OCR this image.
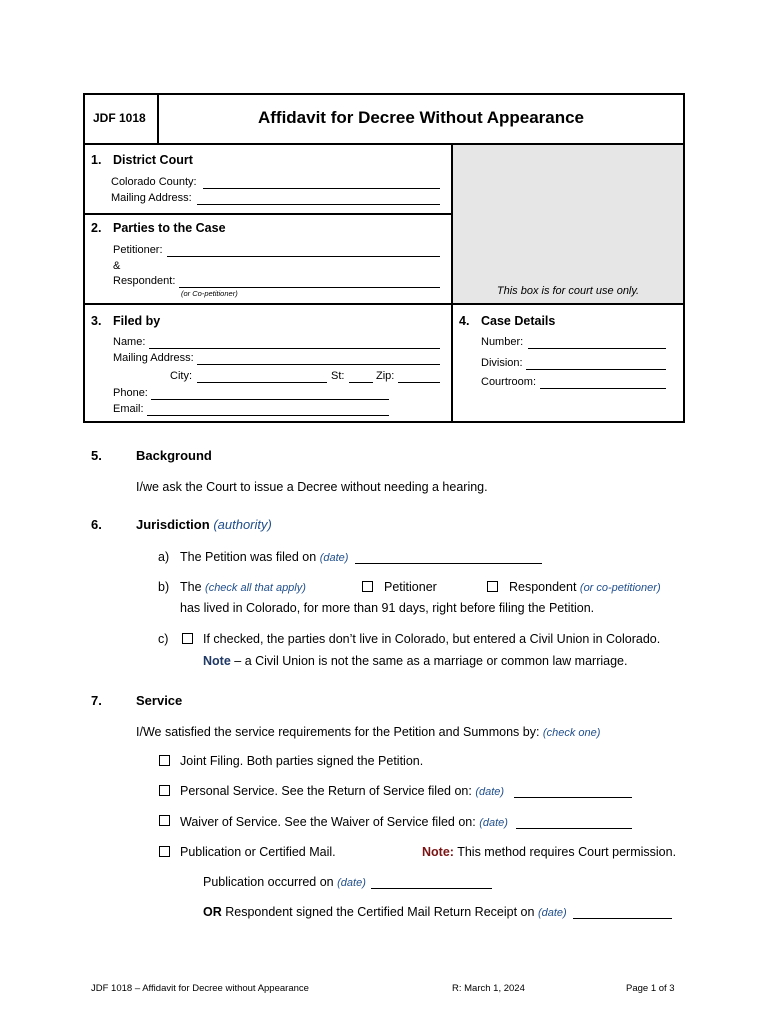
This box is for court use only.
JDF 1018	Affidavit for Decree Without Appearance
1. District Court
Colorado County:
Mailing Address:
2. Parties to the Case
Petitioner:
&
Respondent:
(or Co-petitioner)
3. Filed by
Name:
Mailing Address:
City:	St:	Zip:
Phone:
Email:
4. Case Details
Number:
Division:
Courtroom:
5.	Background
I/we ask the Court to issue a Decree without needing a hearing.
6.	Jurisdiction (authority)
a) The Petition was filed on (date)
b) The (check all that apply)	Petitioner	Respondent (or co-petitioner)
has lived in Colorado, for more than 91 days, right before filing the Petition.
c)	If checked, the parties don’t live in Colorado, but entered a Civil Union in Colorado.
Note – a Civil Union is not the same as a marriage or common law marriage.
7.	Service
I/We satisfied the service requirements for the Petition and Summons by: (check one)
Joint Filing. Both parties signed the Petition.
Personal Service. See the Return of Service filed on: (date)
Waiver of Service. See the Waiver of Service filed on: (date)
Publication or Certified Mail.	Note: This method requires Court permission.
Publication occurred on (date)
OR Respondent signed the Certified Mail Return Receipt on (date)
JDF 1018 – Affidavit for Decree without Appearance	R: March 1, 2024	Page 1 of 3
